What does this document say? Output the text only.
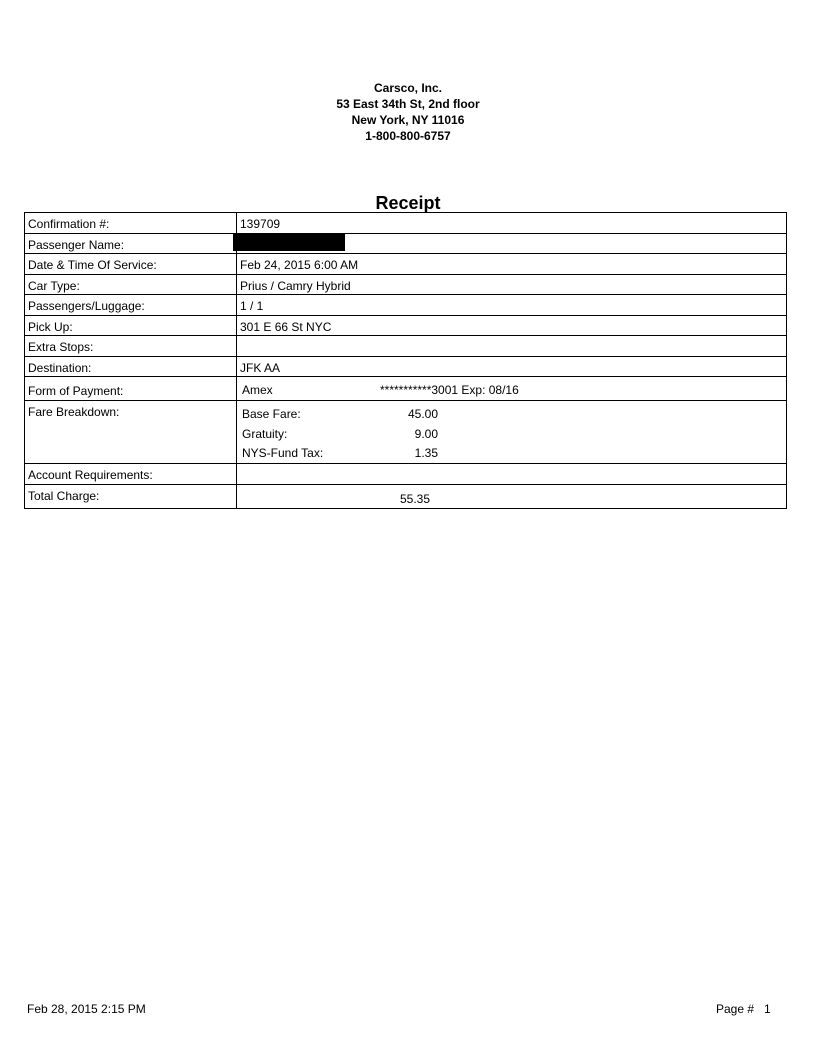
Carsco, Inc.
53 East 34th St, 2nd floor
New York, NY 11016
1-800-800-6757
Receipt
Confirmation #:	139709
Passenger Name:
Date & Time Of Service:	Feb 24, 2015 6:00 AM
Car Type:	Prius / Camry Hybrid
Passengers/Luggage:	1 / 1
Pick Up:	301 E 66 St NYC
Extra Stops:
Destination:	JFK AA
Form of Payment:	Amex	***********3001 Exp: 08/16
Fare Breakdown:	Base Fare:	45.00
Gratuity:	9.00
NYS-Fund Tax:	1.35
Account Requirements:
Total Charge:	55.35
Feb 28, 2015 2:15 PM	Page # 1
